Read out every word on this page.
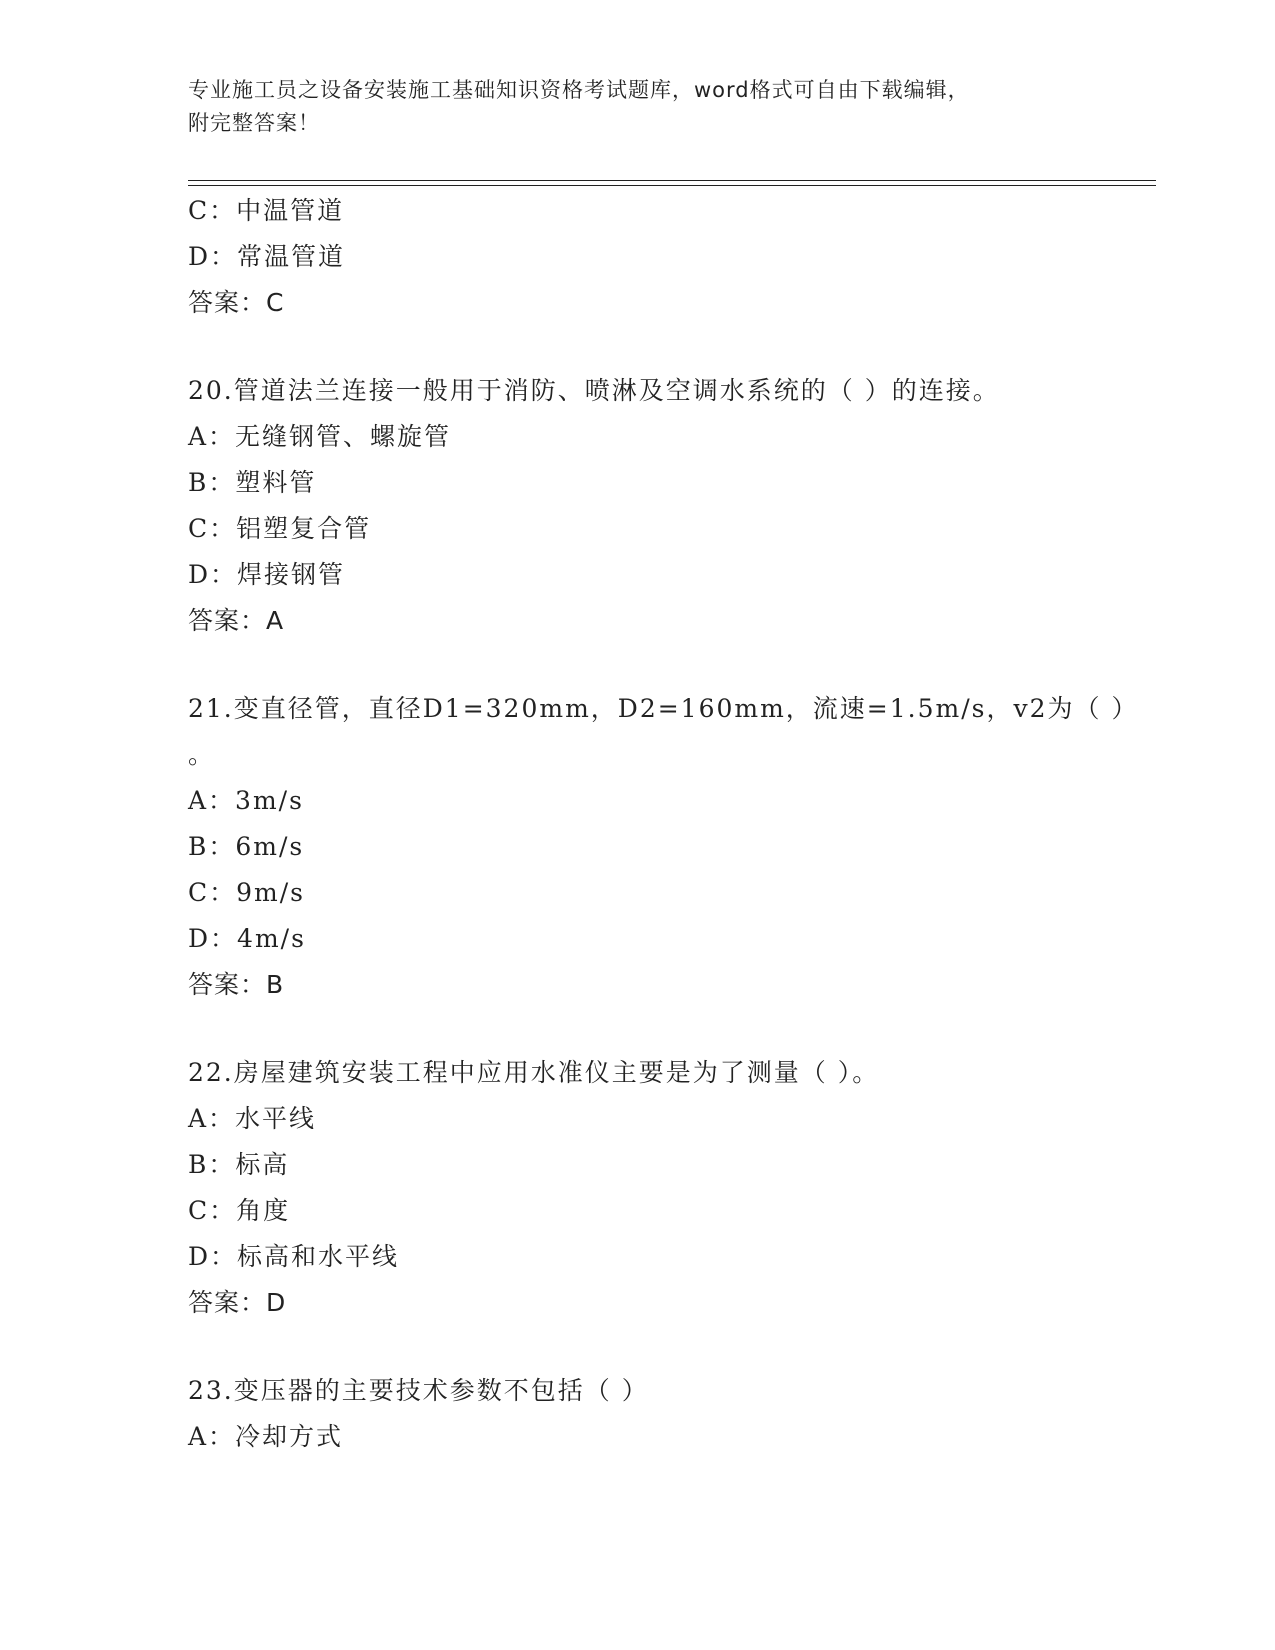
专业施工员之设备安装施工基础知识资格考试题库，word格式可自由下载编辑，
附完整答案！
C：中温管道
D：常温管道
答案：C
20.管道法兰连接一般用于消防、喷淋及空调水系统的（ ）的连接。
A：无缝钢管、螺旋管
B：塑料管
C：铝塑复合管
D：焊接钢管
答案：A
21.变直径管，直径D1=320mm，D2=160mm，流速=1.5m/s，v2为（ ）
。
A：3m/s
B：6m/s
C：9m/s
D：4m/s
答案：B
22.房屋建筑安装工程中应用水准仪主要是为了测量（ ）。
A：水平线
B：标高
C：角度
D：标高和水平线
答案：D
23.变压器的主要技术参数不包括（ ）
A：冷却方式
